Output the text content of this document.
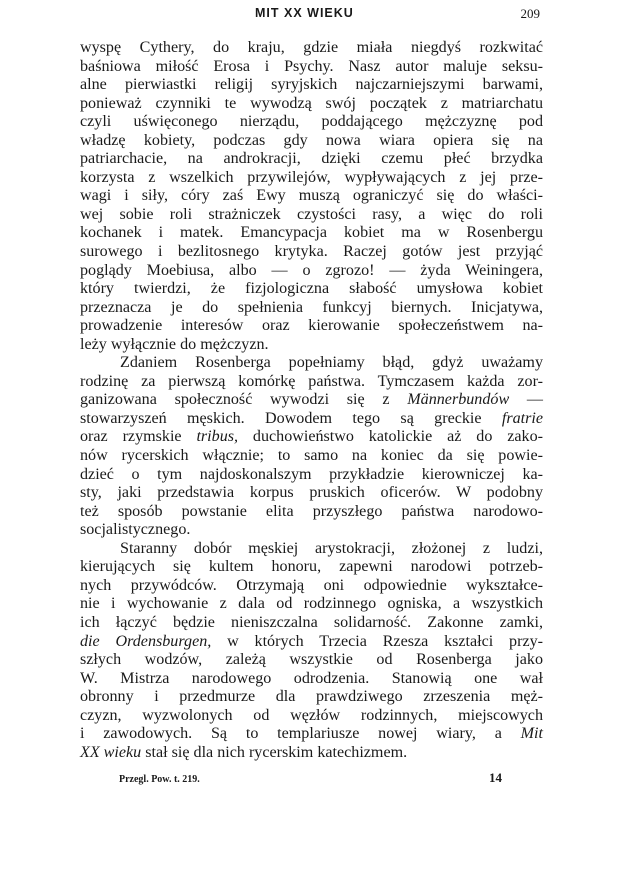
MIT XX WIEKU	209
wyspę Cythery, do kraju, gdzie miała niegdyś rozkwitać
baśniowa miłość Erosa i Psychy. Nasz autor maluje seksu-
alne pierwiastki religij syryjskich najczarniejszymi barwami,
ponieważ czynniki te wywodzą swój początek z matriarchatu
czyli uświęconego nierządu, poddającego mężczyznę pod
władzę kobiety, podczas gdy nowa wiara opiera się na
patriarchacie, na androkracji, dzięki czemu płeć brzydka
korzysta z wszelkich przywilejów, wypływających z jej prze-
wagi i siły, córy zaś Ewy muszą ograniczyć się do właści-
wej sobie roli strażniczek czystości rasy, a więc do roli
kochanek i matek. Emancypacja kobiet ma w Rosenbergu
surowego i bezlitosnego krytyka. Raczej gotów jest przyjąć
poglądy Moebiusa, albo — o zgrozo! — żyda Weiningera,
który twierdzi, że fizjologiczna słabość umysłowa kobiet
przeznacza je do spełnienia funkcyj biernych. Inicjatywa,
prowadzenie interesów oraz kierowanie społeczeństwem na-
leży wyłącznie do mężczyzn.
Zdaniem Rosenberga popełniamy błąd, gdyż uważamy
rodzinę za pierwszą komórkę państwa. Tymczasem każda zor-
ganizowana społeczność wywodzi się z Männerbundów —
stowarzyszeń męskich. Dowodem tego są greckie fratrie
oraz rzymskie tribus, duchowieństwo katolickie aż do zako-
nów rycerskich włącznie; to samo na koniec da się powie-
dzieć o tym najdoskonalszym przykładzie kierowniczej ka-
sty, jaki przedstawia korpus pruskich oficerów. W podobny
też sposób powstanie elita przyszłego państwa narodowo-
socjalistycznego.
Staranny dobór męskiej arystokracji, złożonej z ludzi,
kierujących się kultem honoru, zapewni narodowi potrzeb-
nych przywódców. Otrzymają oni odpowiednie wykształce-
nie i wychowanie z dala od rodzinnego ogniska, a wszystkich
ich łączyć będzie nieniszczalna solidarność. Zakonne zamki,
die Ordensburgen, w których Trzecia Rzesza kształci przy-
szłych wodzów, zależą wszystkie od Rosenberga jako
W. Mistrza narodowego odrodzenia. Stanowią one wał
obronny i przedmurze dla prawdziwego zrzeszenia męż-
czyzn, wyzwolonych od węzłów rodzinnych, miejscowych
i zawodowych. Są to templariusze nowej wiary, a Mit
XX wieku stał się dla nich rycerskim katechizmem.
Przegl. Pow. t. 219.	14
